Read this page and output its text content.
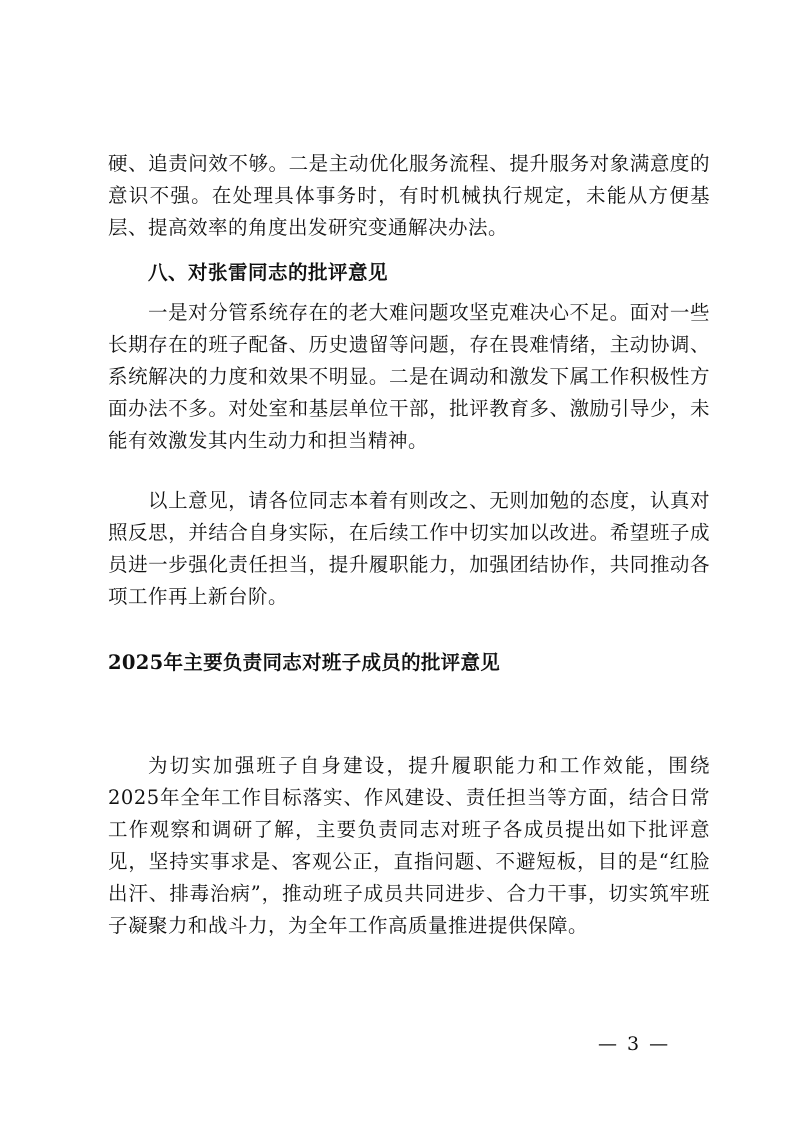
硬、追责问效不够。二是主动优化服务流程、提升服务对象满意度的意识不强。在处理具体事务时，有时机械执行规定，未能从方便基层、提高效率的角度出发研究变通解决办法。

八、对张雷同志的批评意见

一是对分管系统存在的老大难问题攻坚克难决心不足。面对一些长期存在的班子配备、历史遗留等问题，存在畏难情绪，主动协调、系统解决的力度和效果不明显。二是在调动和激发下属工作积极性方面办法不多。对处室和基层单位干部，批评教育多、激励引导少，未能有效激发其内生动力和担当精神。

以上意见，请各位同志本着有则改之、无则加勉的态度，认真对照反思，并结合自身实际，在后续工作中切实加以改进。希望班子成员进一步强化责任担当，提升履职能力，加强团结协作，共同推动各项工作再上新台阶。

2025年主要负责同志对班子成员的批评意见

为切实加强班子自身建设，提升履职能力和工作效能，围绕2025年全年工作目标落实、作风建设、责任担当等方面，结合日常工作观察和调研了解，主要负责同志对班子各成员提出如下批评意见，坚持实事求是、客观公正，直指问题、不避短板，目的是“红脸出汗、排毒治病”，推动班子成员共同进步、合力干事，切实筑牢班子凝聚力和战斗力，为全年工作高质量推进提供保障。

— 3 —
